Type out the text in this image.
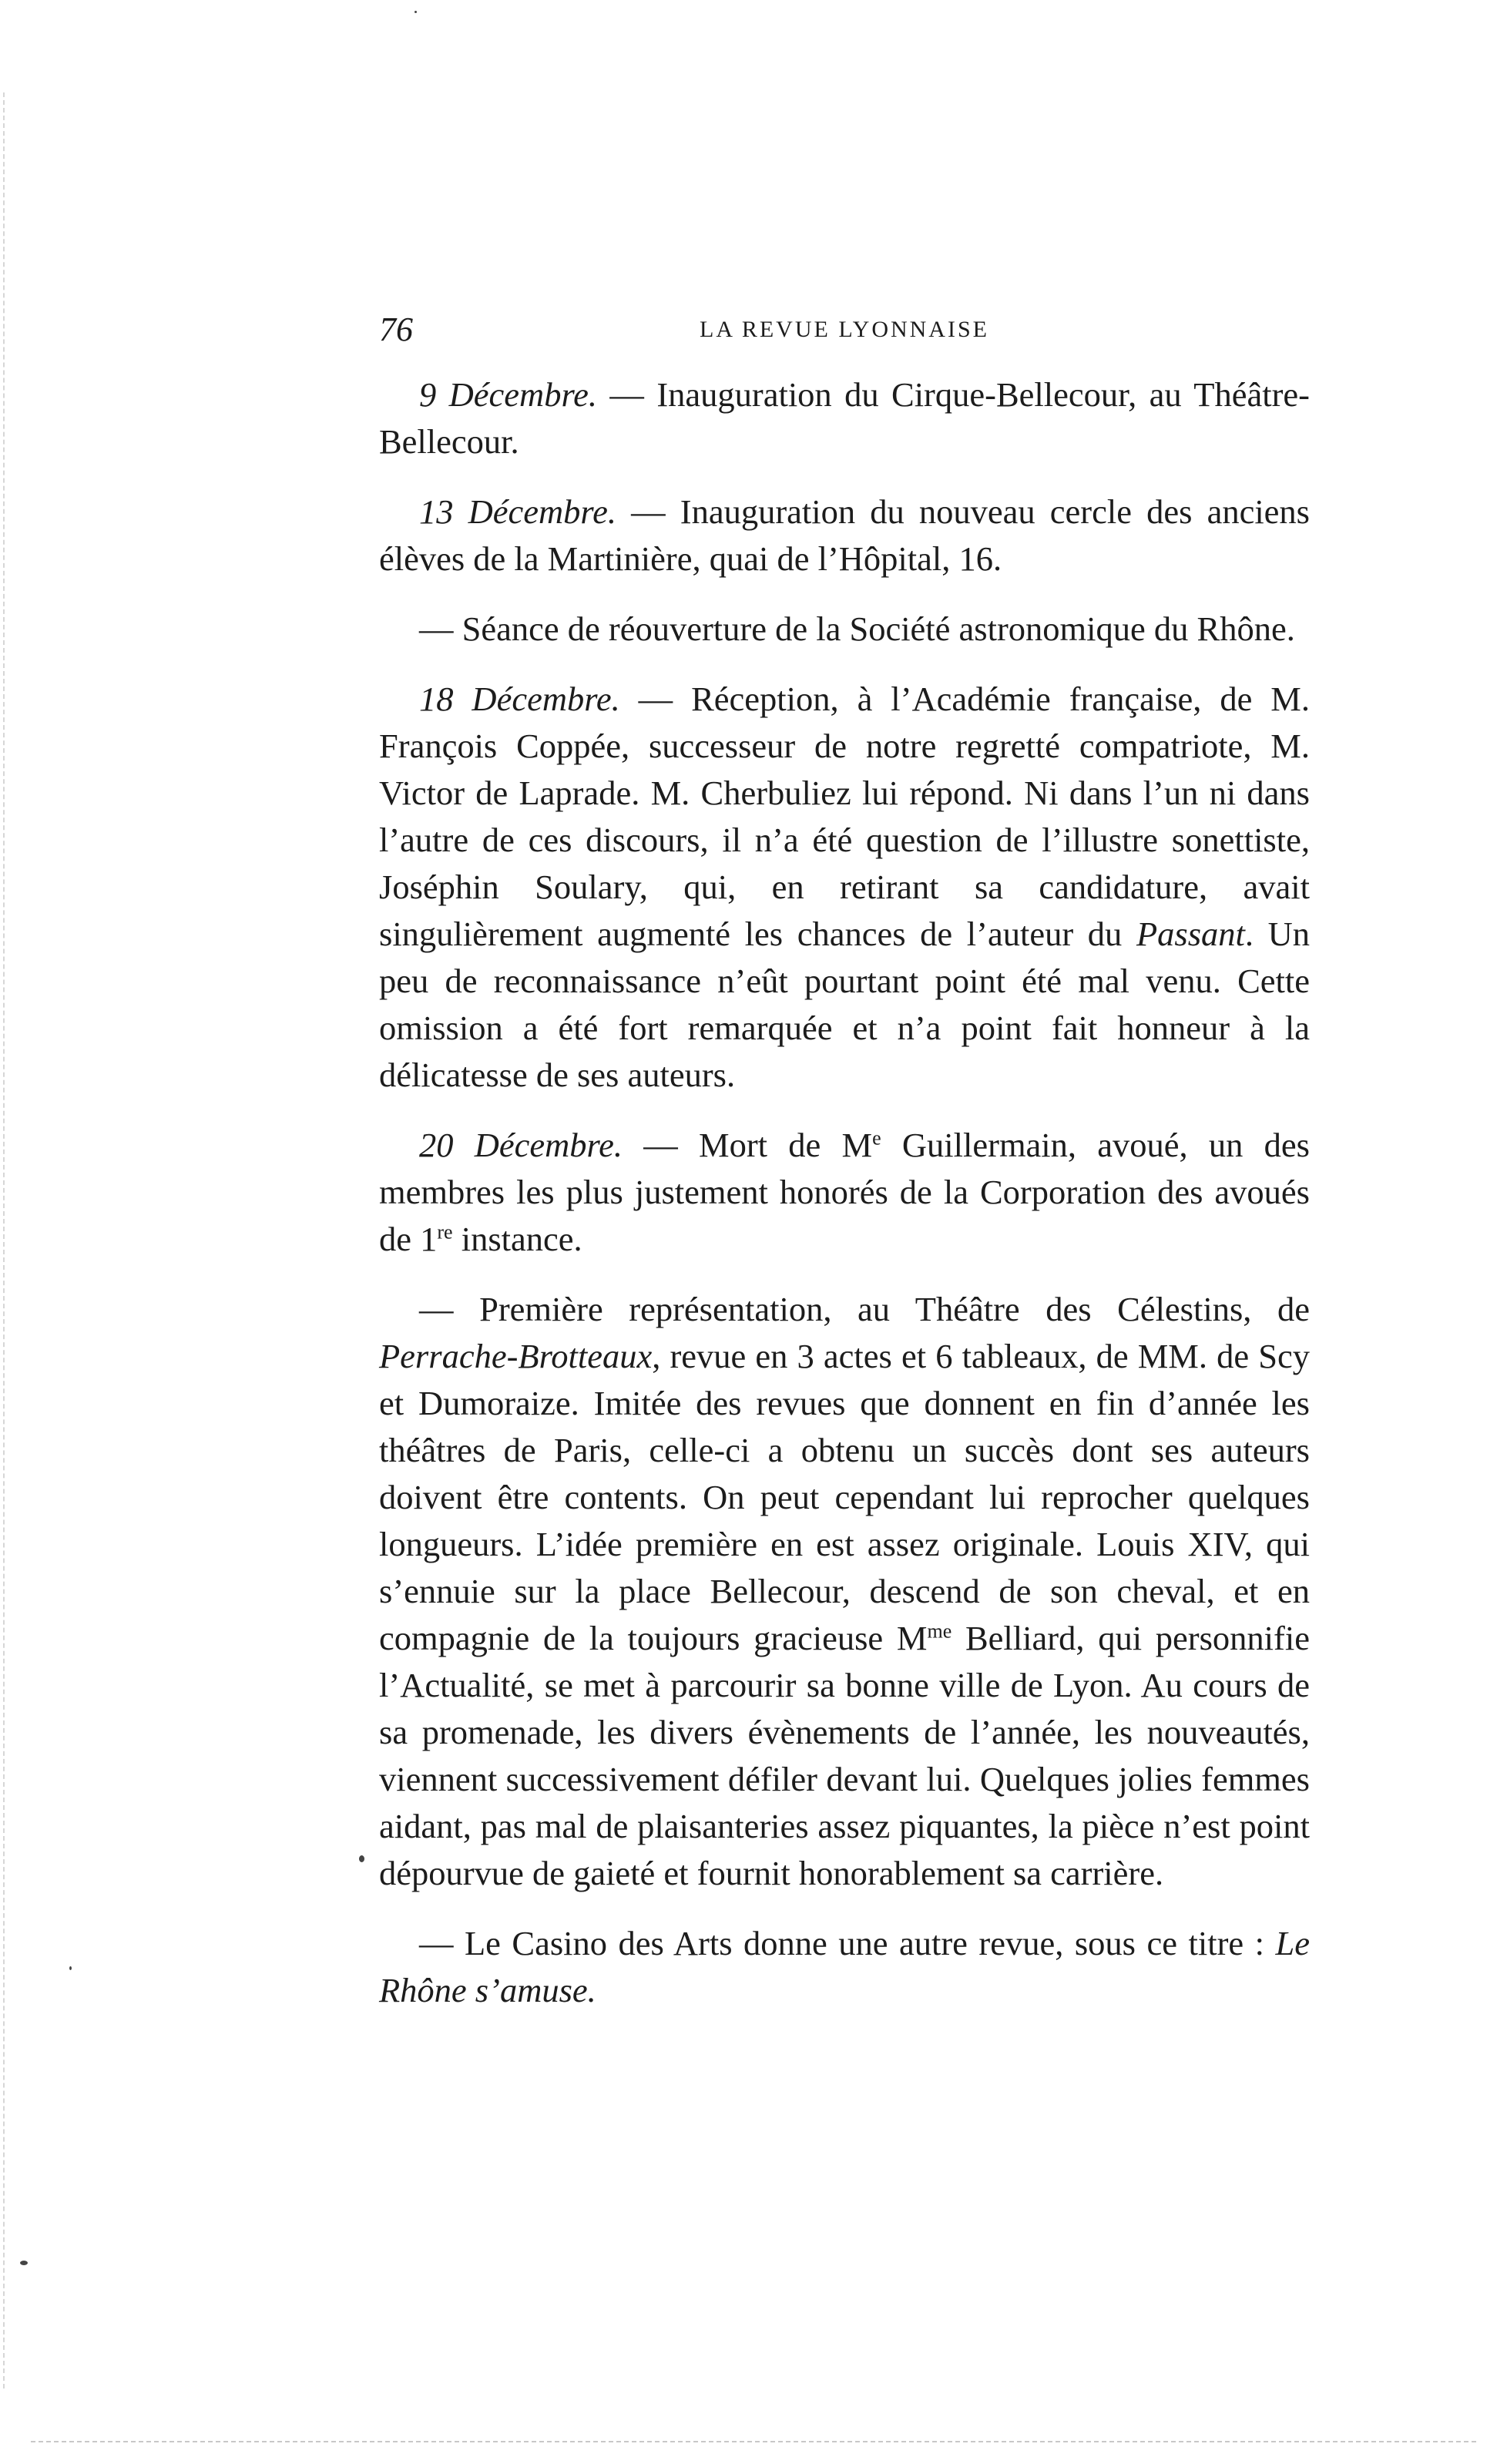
76	LA REVUE LYONNAISE

9 Décembre. — Inauguration du Cirque-Bellecour, au Théâtre-Bellecour.

13 Décembre. — Inauguration du nouveau cercle des anciens élèves de la Martinière, quai de l’Hôpital, 16.

— Séance de réouverture de la Société astronomique du Rhône.

18 Décembre. — Réception, à l’Académie française, de M. François Coppée, successeur de notre regretté compatriote, M. Victor de Laprade. M. Cherbuliez lui répond. Ni dans l’un ni dans l’autre de ces discours, il n’a été question de l’illustre sonettiste, Joséphin Soulary, qui, en retirant sa candidature, avait singulièrement augmenté les chances de l’auteur du Passant. Un peu de reconnaissance n’eût pourtant point été mal venu. Cette omission a été fort remarquée et n’a point fait honneur à la délicatesse de ses auteurs.

20 Décembre. — Mort de Me Guillermain, avoué, un des membres les plus justement honorés de la Corporation des avoués de 1re instance.

— Première représentation, au Théâtre des Célestins, de Perrache-Brotteaux, revue en 3 actes et 6 tableaux, de MM. de Scy et Dumoraize. Imitée des revues que donnent en fin d’année les théâtres de Paris, celle-ci a obtenu un succès dont ses auteurs doivent être contents. On peut cependant lui reprocher quelques longueurs. L’idée première en est assez originale. Louis XIV, qui s’ennuie sur la place Bellecour, descend de son cheval, et en compagnie de la toujours gracieuse $M^{me}$ Belliard, qui personnifie l’Actualité, se met à parcourir sa bonne ville de Lyon. Au cours de sa promenade, les divers évènements de l’année, les nouveautés, viennent successivement défiler devant lui. Quelques jolies femmes aidant, pas mal de plaisanteries assez piquantes, la pièce n’est point dépourvue de gaieté et fournit honorablement sa carrière.

— Le Casino des Arts donne une autre revue, sous ce titre : Le Rhône s’amuse.
